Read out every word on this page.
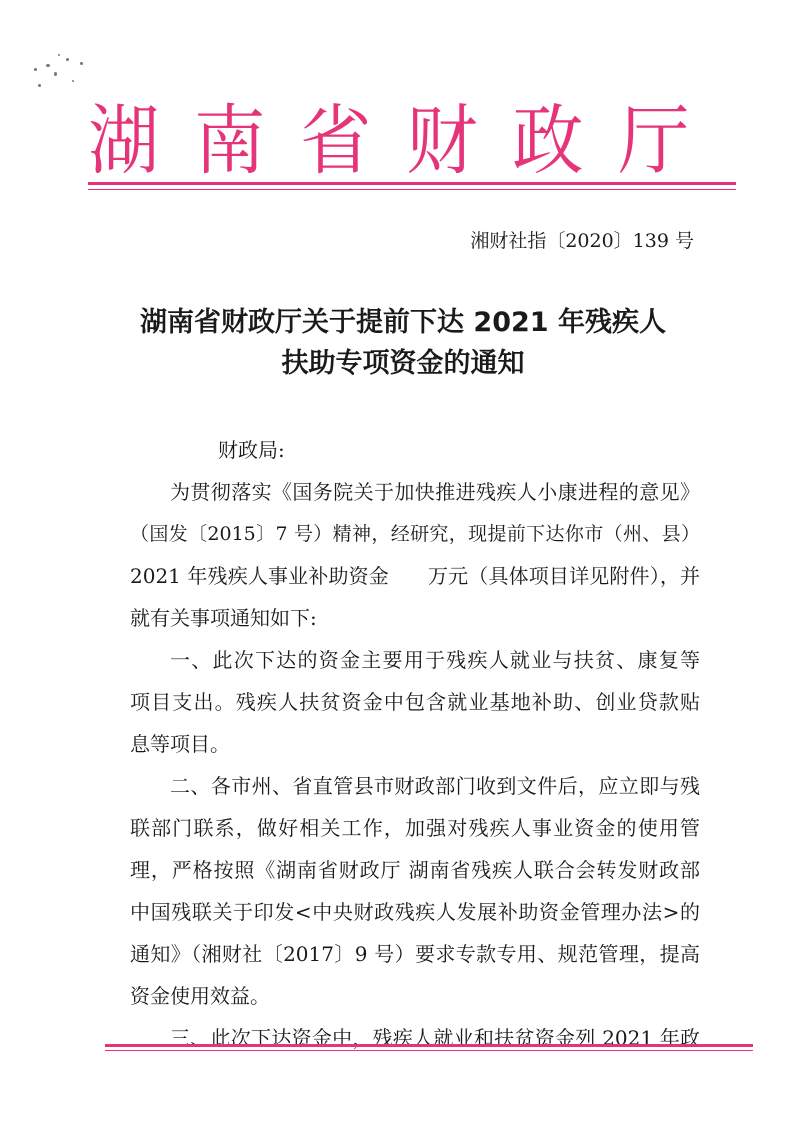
湖 南 省 财 政 厅
湘财社指〔2020〕139 号
湖南省财政厅关于提前下达 2021 年残疾人
扶助专项资金的通知
财政局:
为贯彻落实《国务院关于加快推进残疾人小康进程的意见》
（国发〔2015〕7 号）精神，经研究，现提前下达你市（州、县）
2021 年残疾人事业补助资金      万元（具体项目详见附件），并
就有关事项通知如下:
一、此次下达的资金主要用于残疾人就业与扶贫、康复等
项目支出。残疾人扶贫资金中包含就业基地补助、创业贷款贴
息等项目。
二、各市州、省直管县市财政部门收到文件后，应立即与残
联部门联系，做好相关工作，加强对残疾人事业资金的使用管
理，严格按照《湖南省财政厅 湖南省残疾人联合会转发财政部
中国残联关于印发<中央财政残疾人发展补助资金管理办法>的
通知》（湘财社〔2017〕9 号）要求专款专用、规范管理，提高
资金使用效益。
三、此次下达资金中，残疾人就业和扶贫资金列 2021 年政
